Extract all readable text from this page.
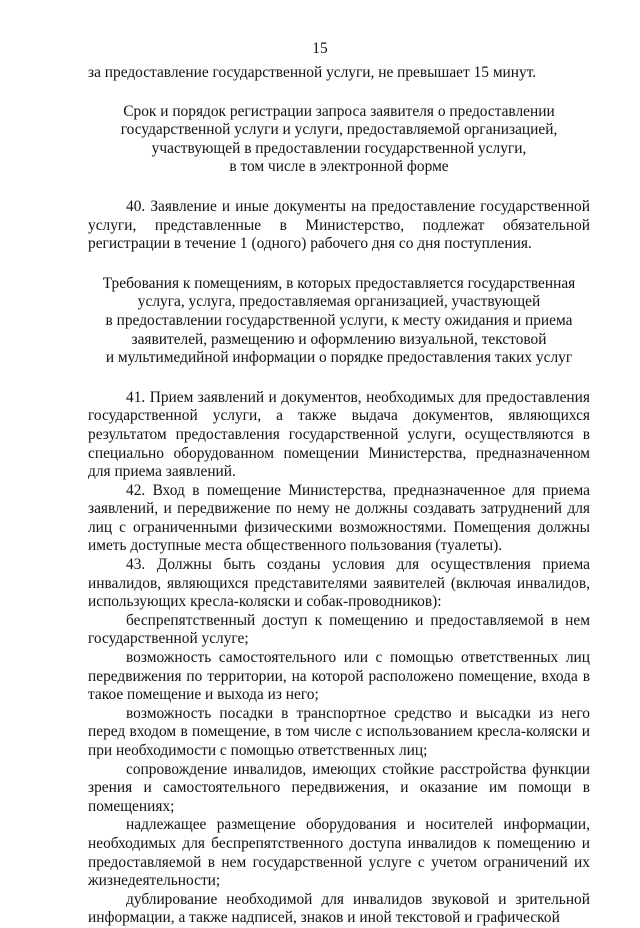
15

за предоставление государственной услуги, не превышает 15 минут.

Срок и порядок регистрации запроса заявителя о предоставлении
государственной услуги и услуги, предоставляемой организацией,
участвующей в предоставлении государственной услуги,
в том числе в электронной форме

40. Заявление и иные документы на предоставление государственной услуги, представленные в Министерство, подлежат обязательной регистрации в течение 1 (одного) рабочего дня со дня поступления.

Требования к помещениям, в которых предоставляется государственная
услуга, услуга, предоставляемая организацией, участвующей
в предоставлении государственной услуги, к месту ожидания и приема
заявителей, размещению и оформлению визуальной, текстовой
и мультимедийной информации о порядке предоставления таких услуг

41. Прием заявлений и документов, необходимых для предоставления государственной услуги, а также выдача документов, являющихся результатом предоставления государственной услуги, осуществляются в специально оборудованном помещении Министерства, предназначенном для приема заявлений.

42. Вход в помещение Министерства, предназначенное для приема заявлений, и передвижение по нему не должны создавать затруднений для лиц с ограниченными физическими возможностями. Помещения должны иметь доступные места общественного пользования (туалеты).

43. Должны быть созданы условия для осуществления приема инвалидов, являющихся представителями заявителей (включая инвалидов, использующих кресла-коляски и собак-проводников):

беспрепятственный доступ к помещению и предоставляемой в нем государственной услуге;

возможность самостоятельного или с помощью ответственных лиц передвижения по территории, на которой расположено помещение, входа в такое помещение и выхода из него;

возможность посадки в транспортное средство и высадки из него перед входом в помещение, в том числе с использованием кресла-коляски и при необходимости с помощью ответственных лиц;

сопровождение инвалидов, имеющих стойкие расстройства функции зрения и самостоятельного передвижения, и оказание им помощи в помещениях;

надлежащее размещение оборудования и носителей информации, необходимых для беспрепятственного доступа инвалидов к помещению и предоставляемой в нем государственной услуге с учетом ограничений их жизнедеятельности;

дублирование необходимой для инвалидов звуковой и зрительной информации, а также надписей, знаков и иной текстовой и графической
